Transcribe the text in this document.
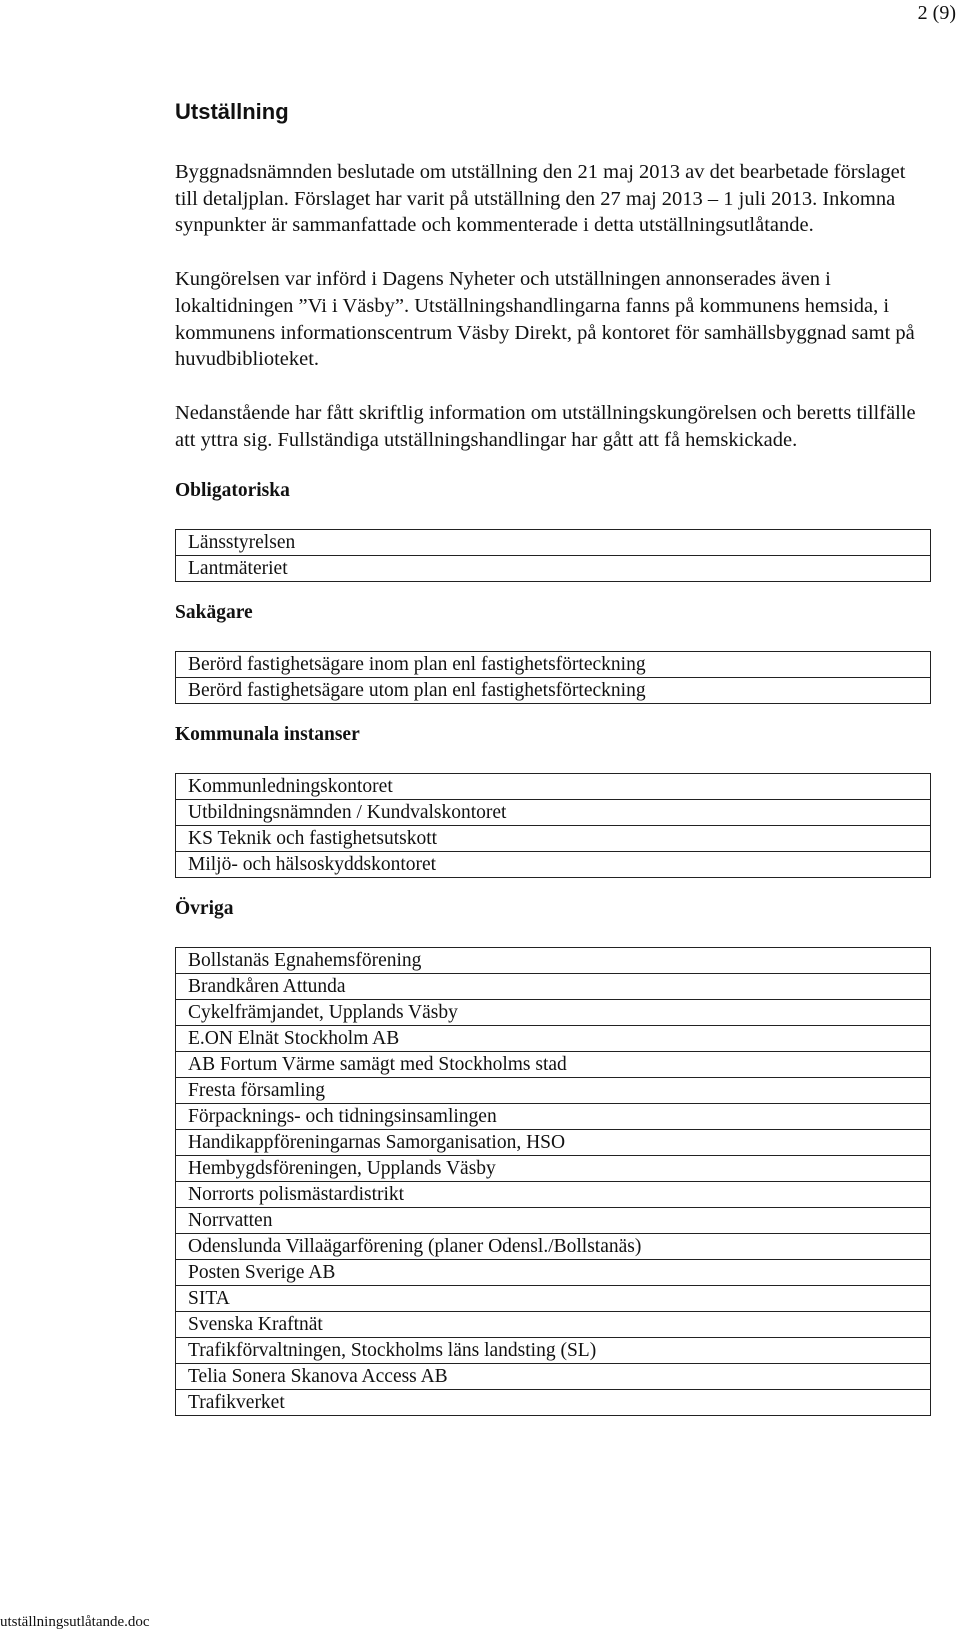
2 (9)
Utställning

Byggnadsnämnden beslutade om utställning den 21 maj 2013 av det bearbetade förslaget till detaljplan. Förslaget har varit på utställning den 27 maj 2013 – 1 juli 2013. Inkomna synpunkter är sammanfattade och kommenterade i detta utställningsutlåtande.

Kungörelsen var införd i Dagens Nyheter och utställningen annonserades även i lokaltidningen ”Vi i Väsby”. Utställningshandlingarna fanns på kommunens hemsida, i kommunens informationscentrum Väsby Direkt, på kontoret för samhällsbyggnad samt på huvudbiblioteket.

Nedanstående har fått skriftlig information om utställningskungörelsen och beretts tillfälle att yttra sig. Fullständiga utställningshandlingar har gått att få hemskickade.

Obligatoriska
Länsstyrelsen
Lantmäteriet
Sakägare
Berörd fastighetsägare inom plan enl fastighetsförteckning
Berörd fastighetsägare utom plan enl fastighetsförteckning
Kommunala instanser
Kommunledningskontoret
Utbildningsnämnden / Kundvalskontoret
KS Teknik och fastighetsutskott
Miljö- och hälsoskyddskontoret
Övriga
Bollstanäs Egnahemsförening
Brandkåren Attunda
Cykelfrämjandet, Upplands Väsby
E.ON Elnät Stockholm AB
AB Fortum Värme samägt med Stockholms stad
Fresta församling
Förpacknings- och tidningsinsamlingen
Handikappföreningarnas Samorganisation, HSO
Hembygdsföreningen, Upplands Väsby
Norrorts polismästardistrikt
Norrvatten
Odenslunda Villaägarförening (planer Odensl./Bollstanäs)
Posten Sverige AB
SITA
Svenska Kraftnät
Trafikförvaltningen, Stockholms läns landsting (SL)
Telia Sonera Skanova Access AB
Trafikverket
utställningsutlåtande.doc
